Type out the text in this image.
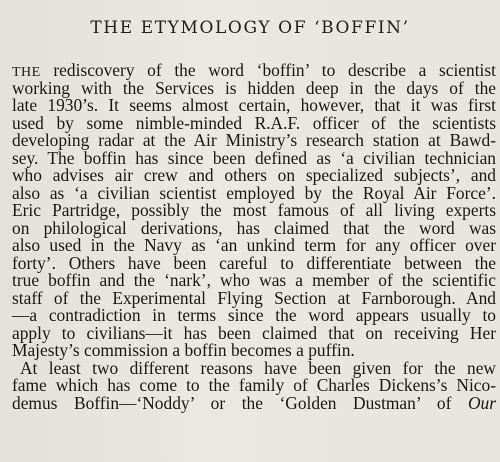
THE ETYMOLOGY OF ‘BOFFIN’
THE rediscovery of the word ‘boffin’ to describe a scientist
working with the Services is hidden deep in the days of the
late 1930’s. It seems almost certain, however, that it was first
used by some nimble-minded R.A.F. officer of the scientists
developing radar at the Air Ministry’s research station at Bawd-
sey. The boffin has since been defined as ‘a civilian technician
who advises air crew and others on specialized subjects’, and
also as ‘a civilian scientist employed by the Royal Air Force’.
Eric Partridge, possibly the most famous of all living experts
on philological derivations, has claimed that the word was
also used in the Navy as ‘an unkind term for any officer over
forty’. Others have been careful to differentiate between the
true boffin and the ‘nark’, who was a member of the scientific
staff of the Experimental Flying Section at Farnborough. And
—a contradiction in terms since the word appears usually to
apply to civilians—it has been claimed that on receiving Her
Majesty’s commission a boffin becomes a puffin.
At least two different reasons have been given for the new
fame which has come to the family of Charles Dickens’s Nico-
demus Boffin—‘Noddy’ or the ‘Golden Dustman’ of Our
